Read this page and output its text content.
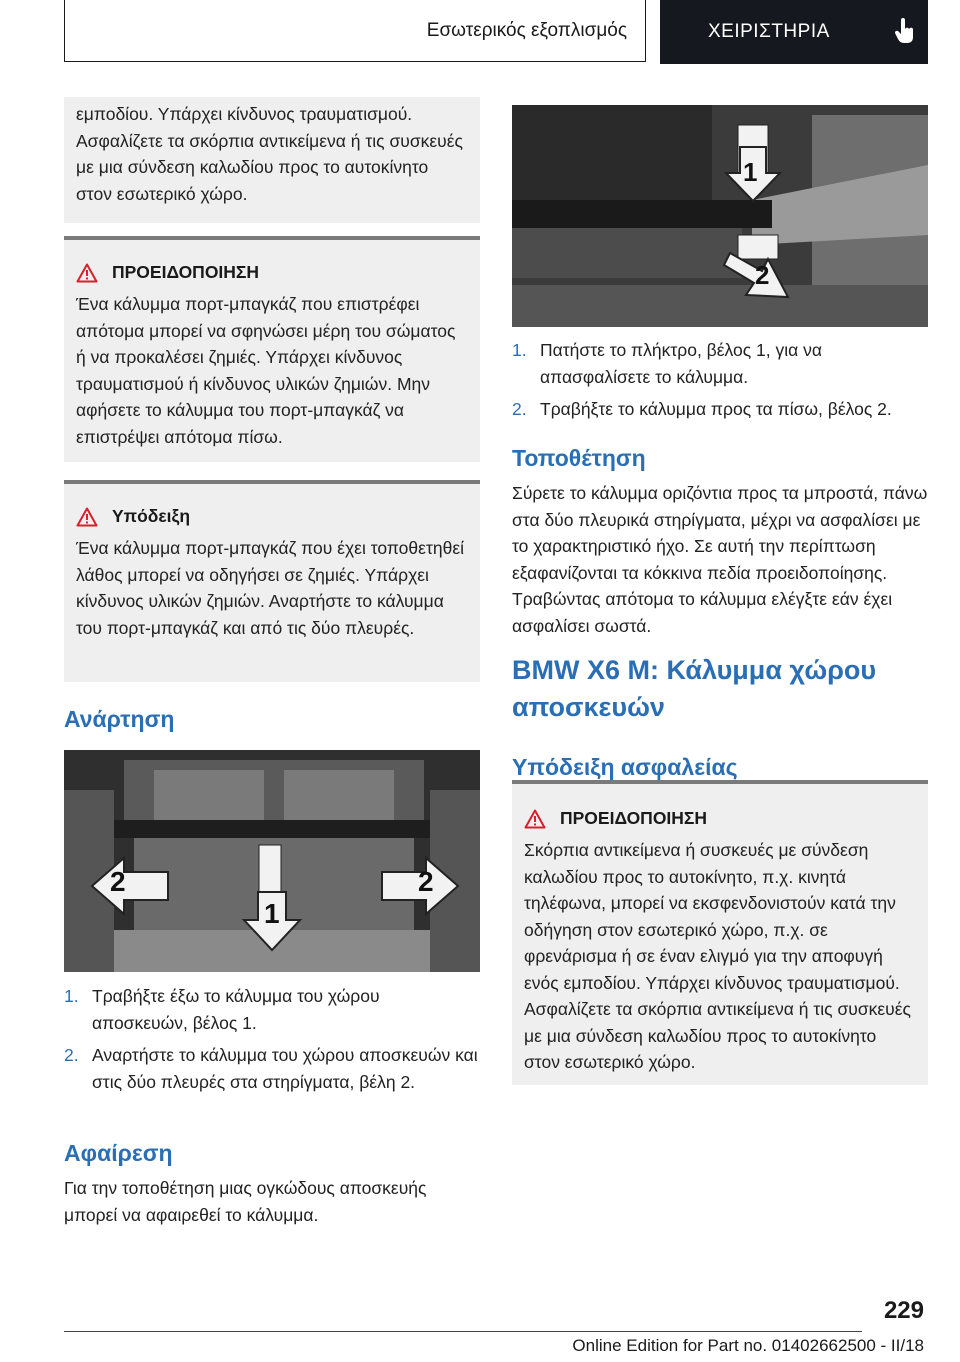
Εσωτερικός εξοπλισμός	ΧΕΙΡΙΣΤΗΡΙΑ

εμποδίου. Υπάρχει κίνδυνος τραυματισμού. Ασφαλίζετε τα σκόρπια αντικείμενα ή τις συσκευές με μια σύνδεση καλωδίου προς το αυτοκίνητο στον εσωτερικό χώρο.

ΠΡΟΕΙΔΟΠΟΙΗΣΗ

Ένα κάλυμμα πορτ-μπαγκάζ που επιστρέφει απότομα μπορεί να σφηνώσει μέρη του σώματος ή να προκαλέσει ζημιές. Υπάρχει κίνδυνος τραυματισμού ή κίνδυνος υλικών ζημιών. Μην αφήσετε το κάλυμμα του πορτ-μπαγκάζ να επιστρέψει απότομα πίσω.

Υπόδειξη

Ένα κάλυμμα πορτ-μπαγκάζ που έχει τοποθετηθεί λάθος μπορεί να οδηγήσει σε ζημιές. Υπάρχει κίνδυνος υλικών ζημιών. Αναρτήστε το κάλυμμα του πορτ-μπαγκάζ και από τις δύο πλευρές.

Ανάρτηση
2
1
2
1. Τραβήξτε έξω το κάλυμμα του χώρου αποσκευών, βέλος 1.
2. Αναρτήστε το κάλυμμα του χώρου αποσκευών και στις δύο πλευρές στα στηρίγματα, βέλη 2.
Αφαίρεση

Για την τοποθέτηση μιας ογκώδους αποσκευής μπορεί να αφαιρεθεί το κάλυμμα.

1
2
1. Πατήστε το πλήκτρο, βέλος 1, για να απασφαλίσετε το κάλυμμα.
2. Τραβήξτε το κάλυμμα προς τα πίσω, βέλος 2.
Τοποθέτηση

Σύρετε το κάλυμμα οριζόντια προς τα μπροστά, πάνω στα δύο πλευρικά στηρίγματα, μέχρι να ασφαλίσει με το χαρακτηριστικό ήχο. Σε αυτή την περίπτωση εξαφανίζονται τα κόκκινα πεδία προειδοποίησης. Τραβώντας απότομα το κάλυμμα ελέγξτε εάν έχει ασφαλίσει σωστά.

BMW X6 M: Κάλυμμα χώρου αποσκευών
Υπόδειξη ασφαλείας
ΠΡΟΕΙΔΟΠΟΙΗΣΗ

Σκόρπια αντικείμενα ή συσκευές με σύνδεση καλωδίου προς το αυτοκίνητο, π.χ. κινητά τηλέφωνα, μπορεί να εκσφενδονιστούν κατά την οδήγηση στον εσωτερικό χώρο, π.χ. σε φρενάρισμα ή σε έναν ελιγμό για την αποφυγή ενός εμποδίου. Υπάρχει κίνδυνος τραυματισμού. Ασφαλίζετε τα σκόρπια αντικείμενα ή τις συσκευές με μια σύνδεση καλωδίου προς το αυτοκίνητο στον εσωτερικό χώρο.

229
Online Edition for Part no. 01402662500 - II/18
